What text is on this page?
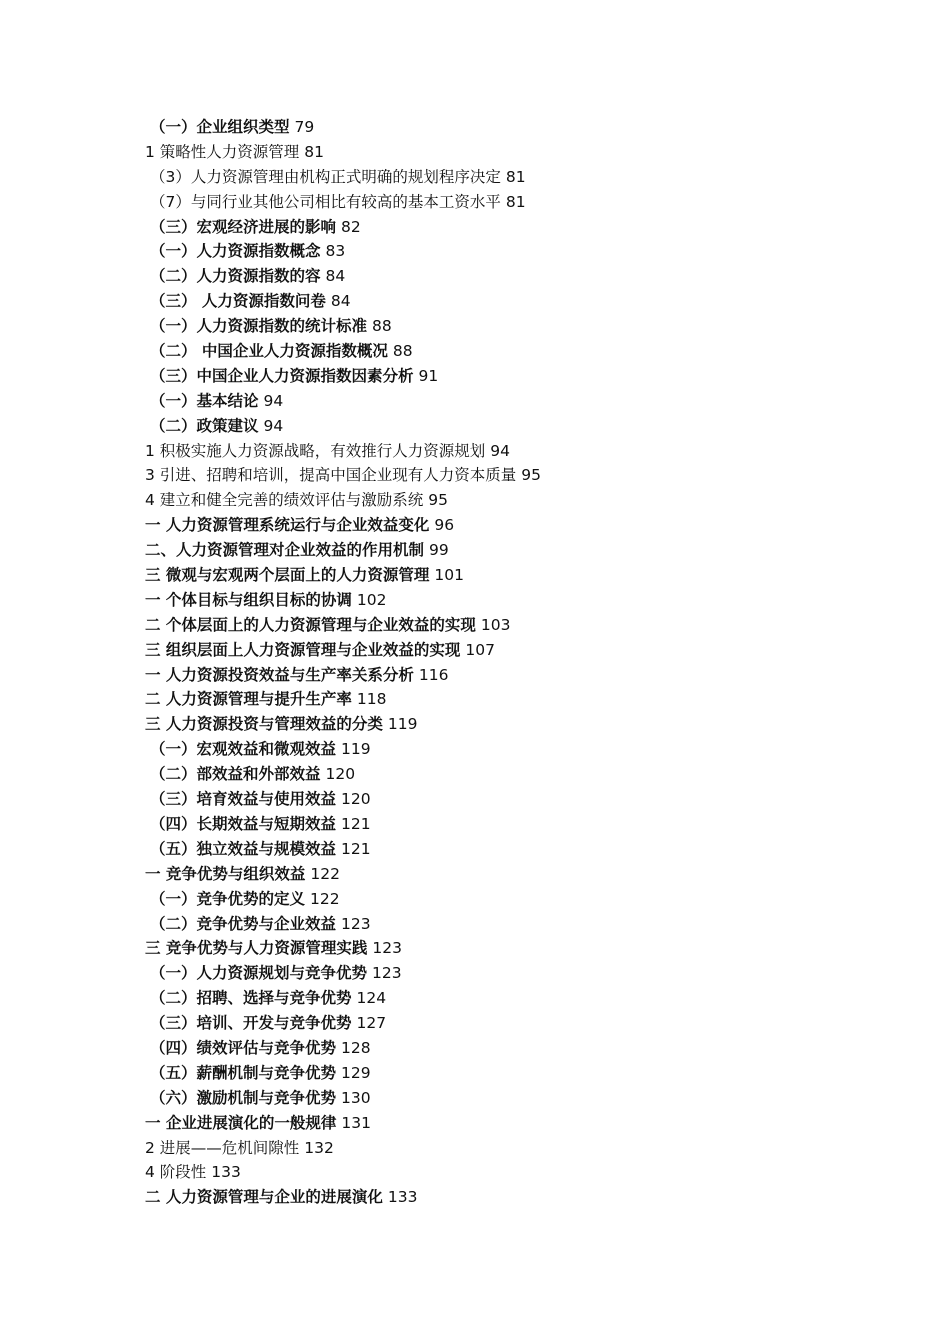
（一）企业组织类型 79
1 策略性人力资源管理 81
（3）人力资源管理由机构正式明确的规划程序决定 81
（7）与同行业其他公司相比有较高的基本工资水平 81
（三）宏观经济进展的影响 82
（一）人力资源指数概念 83
（二）人力资源指数的容 84
（三） 人力资源指数问卷 84
（一）人力资源指数的统计标准 88
（二） 中国企业人力资源指数概况 88
（三）中国企业人力资源指数因素分析 91
（一）基本结论 94
（二）政策建议 94
1 积极实施人力资源战略，有效推行人力资源规划 94
3 引进、招聘和培训，提高中国企业现有人力资本质量 95
4 建立和健全完善的绩效评估与激励系统 95
一 人力资源管理系统运行与企业效益变化 96
二、人力资源管理对企业效益的作用机制 99
三 微观与宏观两个层面上的人力资源管理 101
一 个体目标与组织目标的协调 102
二 个体层面上的人力资源管理与企业效益的实现 103
三 组织层面上人力资源管理与企业效益的实现 107
一 人力资源投资效益与生产率关系分析 116
二 人力资源管理与提升生产率 118
三 人力资源投资与管理效益的分类 119
（一）宏观效益和微观效益 119
（二）部效益和外部效益 120
（三）培育效益与使用效益 120
（四）长期效益与短期效益 121
（五）独立效益与规模效益 121
一 竞争优势与组织效益 122
（一）竞争优势的定义 122
（二）竞争优势与企业效益 123
三 竞争优势与人力资源管理实践 123
（一）人力资源规划与竞争优势 123
（二）招聘、选择与竞争优势 124
（三）培训、开发与竞争优势 127
（四）绩效评估与竞争优势 128
（五）薪酬机制与竞争优势 129
（六）激励机制与竞争优势 130
一 企业进展演化的一般规律 131
2 进展——危机间隙性 132
4 阶段性 133
二 人力资源管理与企业的进展演化 133
